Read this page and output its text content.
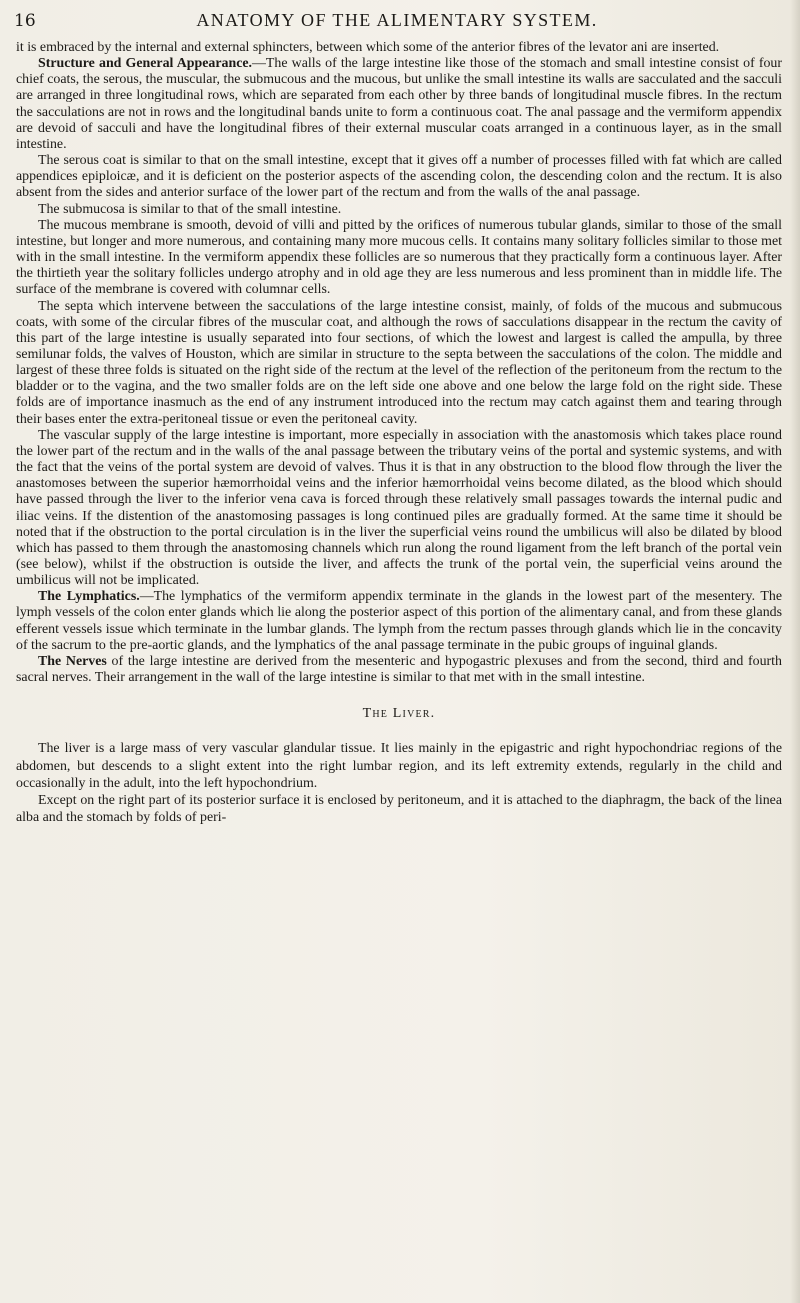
16	ANATOMY OF THE ALIMENTARY SYSTEM.

it is embraced by the internal and external sphincters, between which some of the anterior fibres of the levator ani are inserted.

Structure and General Appearance.—The walls of the large intestine like those of the stomach and small intestine consist of four chief coats, the serous, the muscular, the submucous and the mucous, but unlike the small intestine its walls are sacculated and the sacculi are arranged in three longitudinal rows, which are separated from each other by three bands of longitudinal muscle fibres. In the rectum the sacculations are not in rows and the longitudinal bands unite to form a continuous coat. The anal passage and the vermiform appendix are devoid of sacculi and have the longitudinal fibres of their external muscular coats arranged in a continuous layer, as in the small intestine.

The serous coat is similar to that on the small intestine, except that it gives off a number of processes filled with fat which are called appendices epiploicæ, and it is deficient on the posterior aspects of the ascending colon, the descending colon and the rectum. It is also absent from the sides and anterior surface of the lower part of the rectum and from the walls of the anal passage.

The submucosa is similar to that of the small intestine.

The mucous membrane is smooth, devoid of villi and pitted by the orifices of numerous tubular glands, similar to those of the small intestine, but longer and more numerous, and containing many more mucous cells. It contains many solitary follicles similar to those met with in the small intestine. In the vermiform appendix these follicles are so numerous that they practically form a continuous layer. After the thirtieth year the solitary follicles undergo atrophy and in old age they are less numerous and less prominent than in middle life. The surface of the membrane is covered with columnar cells.

The septa which intervene between the sacculations of the large intestine consist, mainly, of folds of the mucous and submucous coats, with some of the circular fibres of the muscular coat, and although the rows of sacculations disappear in the rectum the cavity of this part of the large intestine is usually separated into four sections, of which the lowest and largest is called the ampulla, by three semilunar folds, the valves of Houston, which are similar in structure to the septa between the sacculations of the colon. The middle and largest of these three folds is situated on the right side of the rectum at the level of the reflection of the peritoneum from the rectum to the bladder or to the vagina, and the two smaller folds are on the left side one above and one below the large fold on the right side. These folds are of importance inasmuch as the end of any instrument introduced into the rectum may catch against them and tearing through their bases enter the extra-peritoneal tissue or even the peritoneal cavity.

The vascular supply of the large intestine is important, more especially in association with the anastomosis which takes place round the lower part of the rectum and in the walls of the anal passage between the tributary veins of the portal and systemic systems, and with the fact that the veins of the portal system are devoid of valves. Thus it is that in any obstruction to the blood flow through the liver the anastomoses between the superior hæmorrhoidal veins and the inferior hæmorrhoidal veins become dilated, as the blood which should have passed through the liver to the inferior vena cava is forced through these relatively small passages towards the internal pudic and iliac veins. If the distention of the anastomosing passages is long continued piles are gradually formed. At the same time it should be noted that if the obstruction to the portal circulation is in the liver the superficial veins round the umbilicus will also be dilated by blood which has passed to them through the anastomosing channels which run along the round ligament from the left branch of the portal vein (see below), whilst if the obstruction is outside the liver, and affects the trunk of the portal vein, the superficial veins around the umbilicus will not be implicated.

The Lymphatics.—The lymphatics of the vermiform appendix terminate in the glands in the lowest part of the mesentery. The lymph vessels of the colon enter glands which lie along the posterior aspect of this portion of the alimentary canal, and from these glands efferent vessels issue which terminate in the lumbar glands. The lymph from the rectum passes through glands which lie in the concavity of the sacrum to the pre-aortic glands, and the lymphatics of the anal passage terminate in the pubic groups of inguinal glands.

The Nerves of the large intestine are derived from the mesenteric and hypogastric plexuses and from the second, third and fourth sacral nerves. Their arrangement in the wall of the large intestine is similar to that met with in the small intestine.

The Liver.

The liver is a large mass of very vascular glandular tissue. It lies mainly in the epigastric and right hypochondriac regions of the abdomen, but descends to a slight extent into the right lumbar region, and its left extremity extends, regularly in the child and occasionally in the adult, into the left hypochondrium.

Except on the right part of its posterior surface it is enclosed by peritoneum, and it is attached to the diaphragm, the back of the linea alba and the stomach by folds of peri-
